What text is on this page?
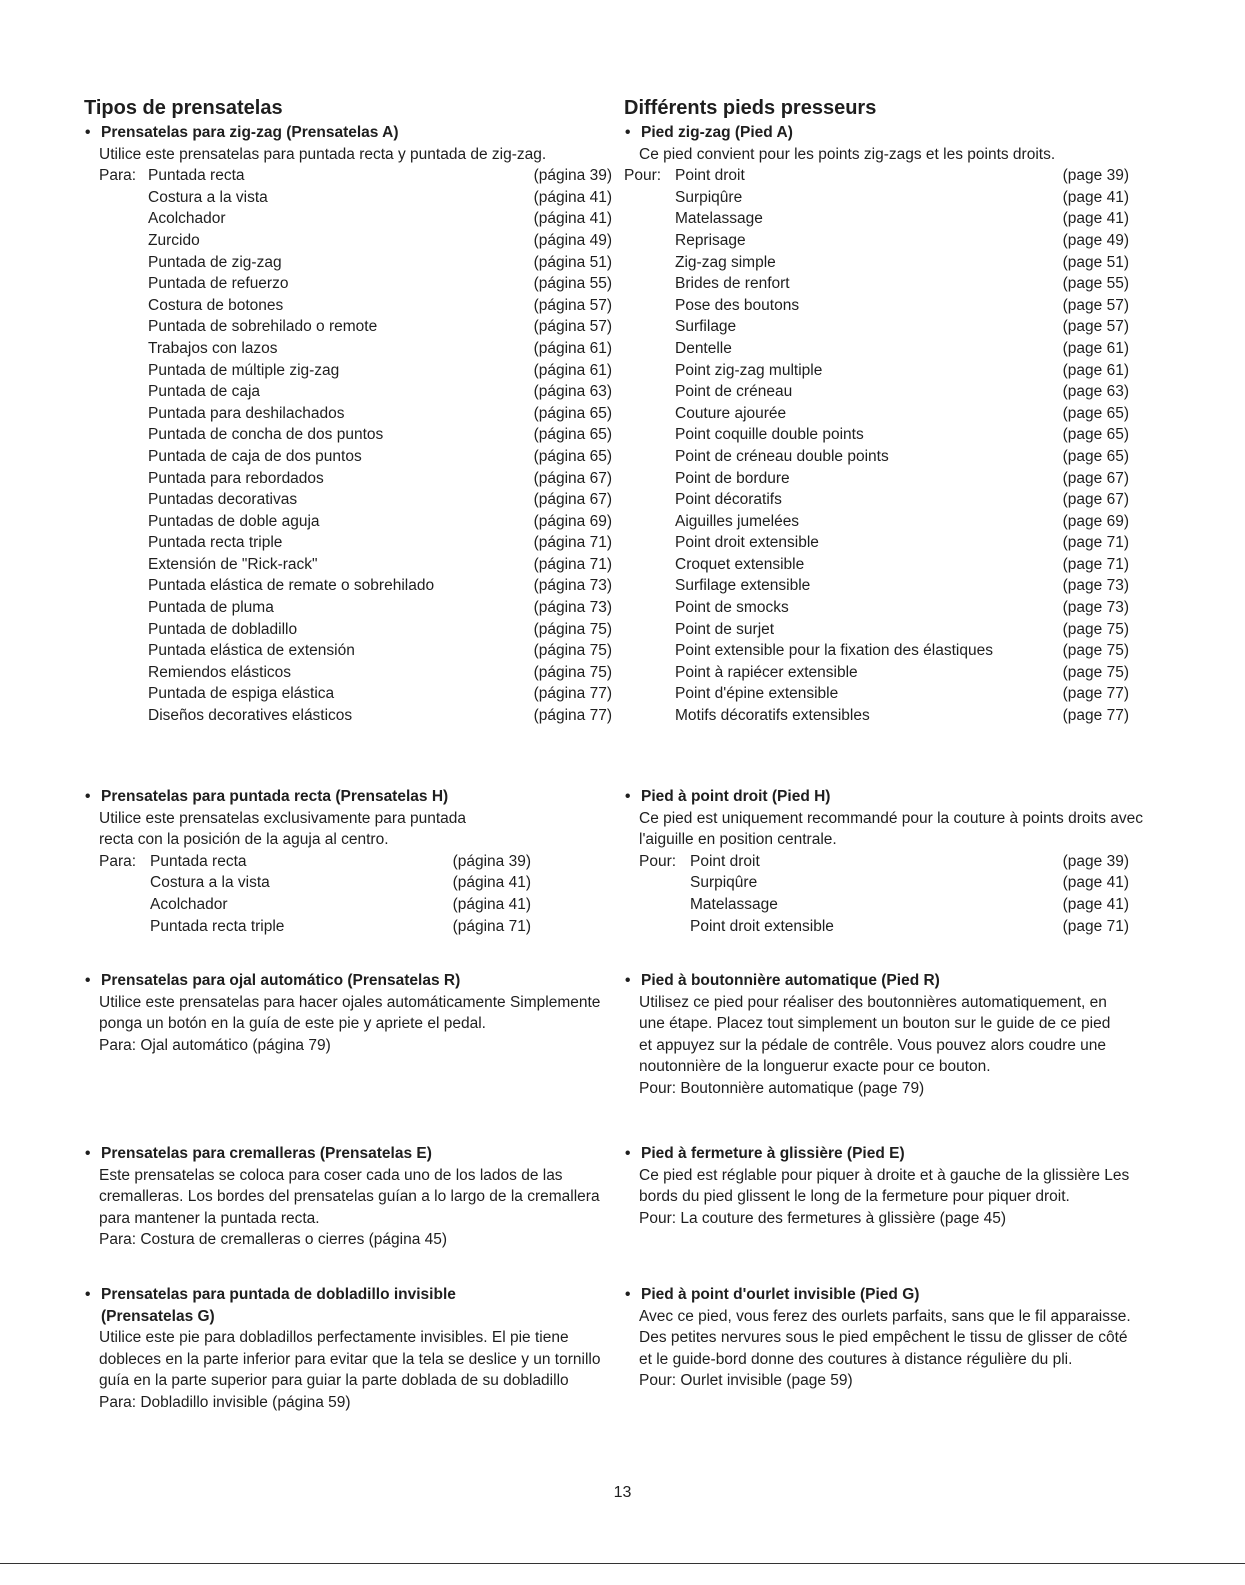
Tipos de prensatelas
• Prensatelas para zig-zag (Prensatelas A)
Utilice este prensatelas para puntada recta y puntada de zig-zag.
Para: Puntada recta	(página 39)
Costura a la vista	(página 41)
Acolchador	(página 41)
Zurcido	(página 49)
Puntada de zig-zag	(página 51)
Puntada de refuerzo	(página 55)
Costura de botones	(página 57)
Puntada de sobrehilado o remote	(página 57)
Trabajos con lazos	(página 61)
Puntada de múltiple zig-zag	(página 61)
Puntada de caja	(página 63)
Puntada para deshilachados	(página 65)
Puntada de concha de dos puntos	(página 65)
Puntada de caja de dos puntos	(página 65)
Puntada para rebordados	(página 67)
Puntadas decorativas	(página 67)
Puntadas de doble aguja	(página 69)
Puntada recta triple	(página 71)
Extensión de "Rick-rack"	(página 71)
Puntada elástica de remate o sobrehilado	(página 73)
Puntada de pluma	(página 73)
Puntada de dobladillo	(página 75)
Puntada elástica de extensión	(página 75)
Remiendos elásticos	(página 75)
Puntada de espiga elástica	(página 77)
Diseños decoratives elásticos	(página 77)
• Prensatelas para puntada recta (Prensatelas H)
Utilice este prensatelas exclusivamente para puntada
recta con la posición de la aguja al centro.
Para: Puntada recta	(página 39)
Costura a la vista	(página 41)
Acolchador	(página 41)
Puntada recta triple	(página 71)
• Prensatelas para ojal automático (Prensatelas R)
Utilice este prensatelas para hacer ojales automáticamente Simplemente ponga un botón en la guía de este pie y apriete el pedal.
Para: Ojal automático (página 79)
• Prensatelas para cremalleras (Prensatelas E)
Este prensatelas se coloca para coser cada uno de los lados de las cremalleras. Los bordes del prensatelas guían a lo largo de la cremallera para mantener la puntada recta.
Para: Costura de cremalleras o cierres (página 45)
• Prensatelas para puntada de dobladillo invisible (Prensatelas G)
Utilice este pie para dobladillos perfectamente invisibles. El pie tiene dobleces en la parte inferior para evitar que la tela se deslice y un tornillo guía en la parte superior para guiar la parte doblada de su dobladillo
Para: Dobladillo invisible (página 59)
Différents pieds presseurs
• Pied zig-zag (Pied A)
Ce pied convient pour les points zig-zags et les points droits.
Pour: Point droit	(page 39)
Surpiqûre	(page 41)
Matelassage	(page 41)
Reprisage	(page 49)
Zig-zag simple	(page 51)
Brides de renfort	(page 55)
Pose des boutons	(page 57)
Surfilage	(page 57)
Dentelle	(page 61)
Point zig-zag multiple	(page 61)
Point de créneau	(page 63)
Couture ajourée	(page 65)
Point coquille double points	(page 65)
Point de créneau double points	(page 65)
Point de bordure	(page 67)
Point décoratifs	(page 67)
Aiguilles jumelées	(page 69)
Point droit extensible	(page 71)
Croquet extensible	(page 71)
Surfilage extensible	(page 73)
Point de smocks	(page 73)
Point de surjet	(page 75)
Point extensible pour la fixation des élastiques	(page 75)
Point à rapiécer extensible	(page 75)
Point d'épine extensible	(page 77)
Motifs décoratifs extensibles	(page 77)
• Pied à point droit (Pied H)
Ce pied est uniquement recommandé pour la couture à points droits avec l'aiguille en position centrale.
Pour: Point droit	(page 39)
Surpiqûre	(page 41)
Matelassage	(page 41)
Point droit extensible	(page 71)
• Pied à boutonnière automatique (Pied R)
Utilisez ce pied pour réaliser des boutonnières automatiquement, en une étape. Placez tout simplement un bouton sur le guide de ce pied et appuyez sur la pédale de contrêle. Vous pouvez alors coudre une noutonnière de la longuerur exacte pour ce bouton.
Pour: Boutonnière automatique (page 79)
• Pied à fermeture à glissière (Pied E)
Ce pied est réglable pour piquer à droite et à gauche de la glissière Les bords du pied glissent le long de la fermeture pour piquer droit.
Pour: La couture des fermetures à glissière (page 45)
• Pied à point d'ourlet invisible (Pied G)
Avec ce pied, vous ferez des ourlets parfaits, sans que le fil apparaisse. Des petites nervures sous le pied empêchent le tissu de glisser de côté et le guide-bord donne des coutures à distance régulière du pli.
Pour: Ourlet invisible (page 59)
13
